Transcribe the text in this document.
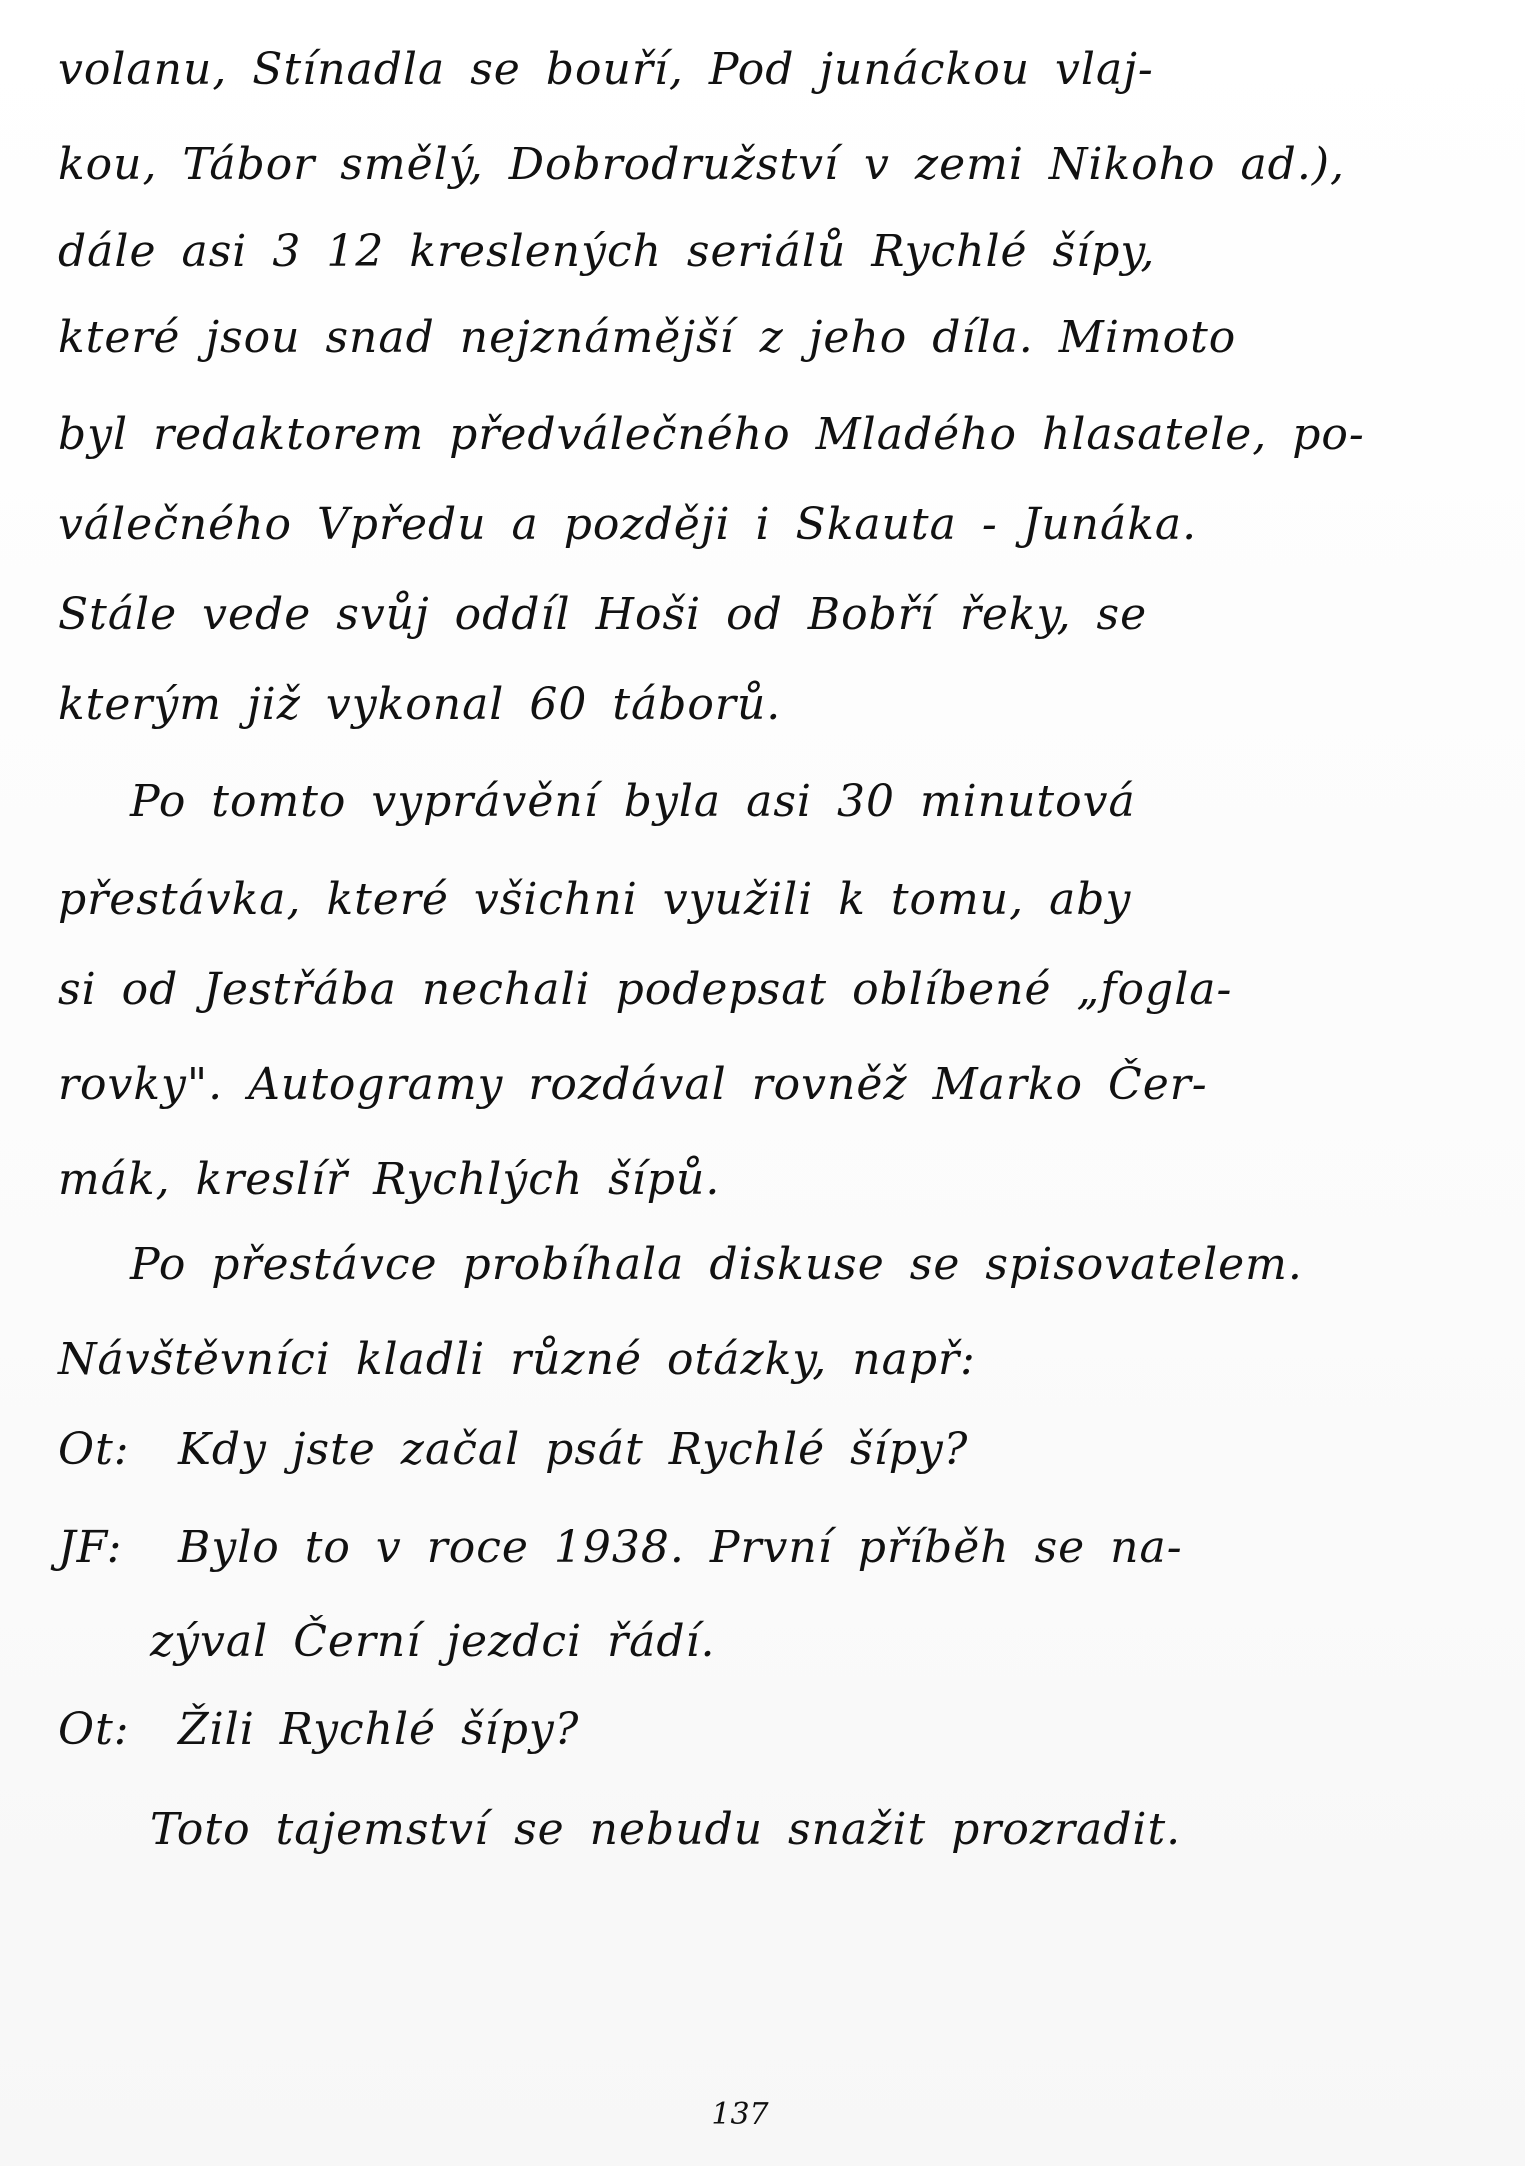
volanu, Stínadla se bouří, Pod junáckou vlaj-
kou, Tábor smělý, Dobrodružství v zemi Nikoho ad.),
dále asi 3 12 kreslených seriálů Rychlé šípy,
které jsou snad nejznámější z jeho díla. Mimoto
byl redaktorem předválečného Mladého hlasatele, po-
válečného Vpředu a později i Skauta - Junáka.
Stále vede svůj oddíl Hoši od Bobří řeky, se
kterým již vykonal 60 táborů.
Po tomto vyprávění byla asi 30 minutová
přestávka, které všichni využili k tomu, aby
si od Jestřába nechali podepsat oblíbené „fogla-
rovky". Autogramy rozdával rovněž Marko Čer-
mák, kreslíř Rychlých šípů.
Po přestávce probíhala diskuse se spisovatelem.
Návštěvníci kladli různé otázky, např:
Ot: Kdy jste začal psát Rychlé šípy?
JF: Bylo to v roce 1938. První příběh se na-
zýval Černí jezdci řádí.
Ot: Žili Rychlé šípy?
Toto tajemství se nebudu snažit prozradit.
137
